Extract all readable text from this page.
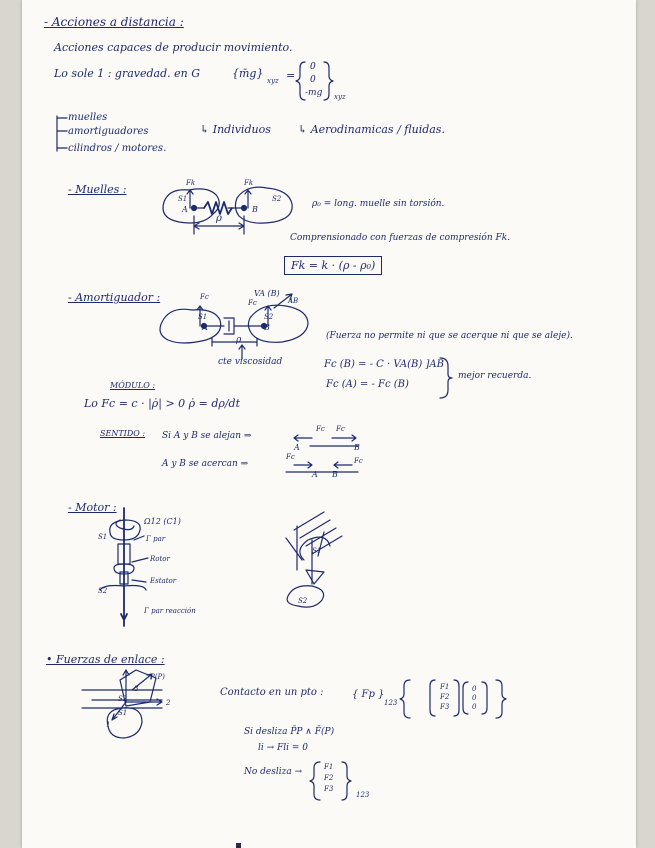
- Acciones a distancia :
Acciones capaces de producir movimiento.
Lo sole 1 : gravedad. en G	{m̄g}
xyz =
0
0
-mg xyz
muelles
amortiguadores
cilindros / motores.
↳ Individuos ↳ Aerodinamicas / fluidas.
- Muelles :
S1	S2
A	B
Fk	Fk
ρ
ρ₀ = long. muelle sin torsión.
Comprensionado con fuerzas de compresión Fk.
Fk = k · (ρ - ρ₀)
- Amortiguador :	Fc
Fc
VA (B)
AB
S1	S2
A	B
ρ
cte viscosidad
(Fuerza no permite ni que se acerque ni que se aleje).
Fc (B) = - C · VA(B) ]AB
Fc (A) = - Fc (B)
mejor recuerda.
MÓDULO :
Lo Fc = c · |ρ̇| > 0 ρ̇ = dρ/dt
SENTIDO : Si A y B se alejan ⇒
A y B se acercan ⇒
Fc Fc
A	B
Fc	Fc
A B
- Motor :
Ω12 (C1)
S1	Γ par
Rotor
Estator
S2
Γ par reacción
S1
S2
• Fuerzas de enlace :
P(P)
3
2
1
S2
S1
Contacto en un pto :	{ Fp }
123
F1
F2
F3
0
0
0
Si desliza P̄P ∧ F̄(P)
li → Fli = 0
No desliza →	F1
F2
F3
123
